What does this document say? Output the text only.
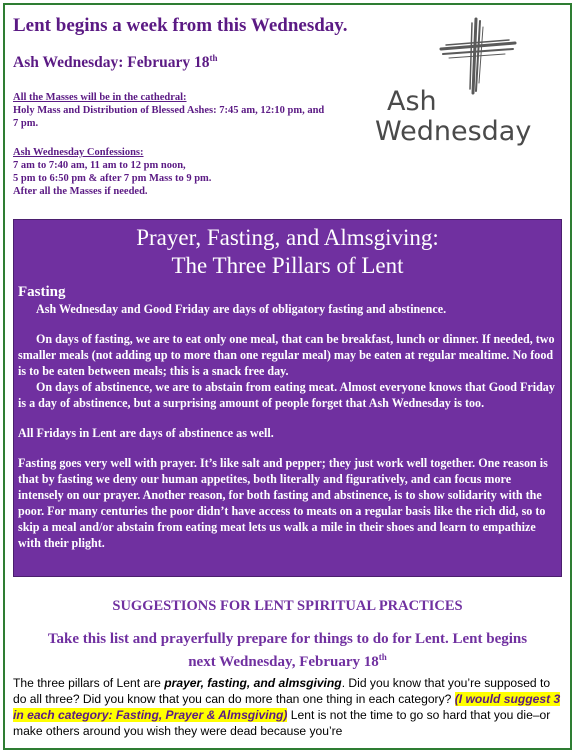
Lent begins a week from this Wednesday.
Ash Wednesday: February 18th
All the Masses will be in the cathedral:
Holy Mass and Distribution of Blessed Ashes: 7:45 am, 12:10 pm, and
7 pm.
Ash Wednesday Confessions:
7 am to 7:40 am, 11 am to 12 pm noon,
5 pm to 6:50 pm & after 7 pm Mass to 9 pm.
After all the Masses if needed.
Ash
Wednesday
Prayer, Fasting, and Almsgiving:
The Three Pillars of Lent
Fasting
Ash Wednesday and Good Friday are days of obligatory fasting and abstinence.
On days of fasting, we are to eat only one meal, that can be breakfast, lunch or dinner. If needed, two smaller meals (not adding up to more than one regular meal) may be eaten at regular mealtime. No food is to be eaten between meals; this is a snack free day.
On days of abstinence, we are to abstain from eating meat. Almost everyone knows that Good Friday is a day of abstinence, but a surprising amount of people forget that Ash Wednesday is too.
All Fridays in Lent are days of abstinence as well.
Fasting goes very well with prayer. It’s like salt and pepper; they just work well together. One reason is that by fasting we deny our human appetites, both literally and figuratively, and can focus more intensely on our prayer. Another reason, for both fasting and abstinence, is to show solidarity with the poor. For many centuries the poor didn’t have access to meats on a regular basis like the rich did, so to skip a meal and/or abstain from eating meat lets us walk a mile in their shoes and learn to empathize with their plight.
SUGGESTIONS FOR LENT SPIRITUAL PRACTICES
Take this list and prayerfully prepare for things to do for Lent. Lent begins next Wednesday, February 18th
The three pillars of Lent are prayer, fasting, and almsgiving. Did you know that you’re supposed to do all three? Did you know that you can do more than one thing in each category? (I would suggest 3 in each category: Fasting, Prayer & Almsgiving) Lent is not the time to go so hard that you die–or make others around you wish they were dead because you’re
